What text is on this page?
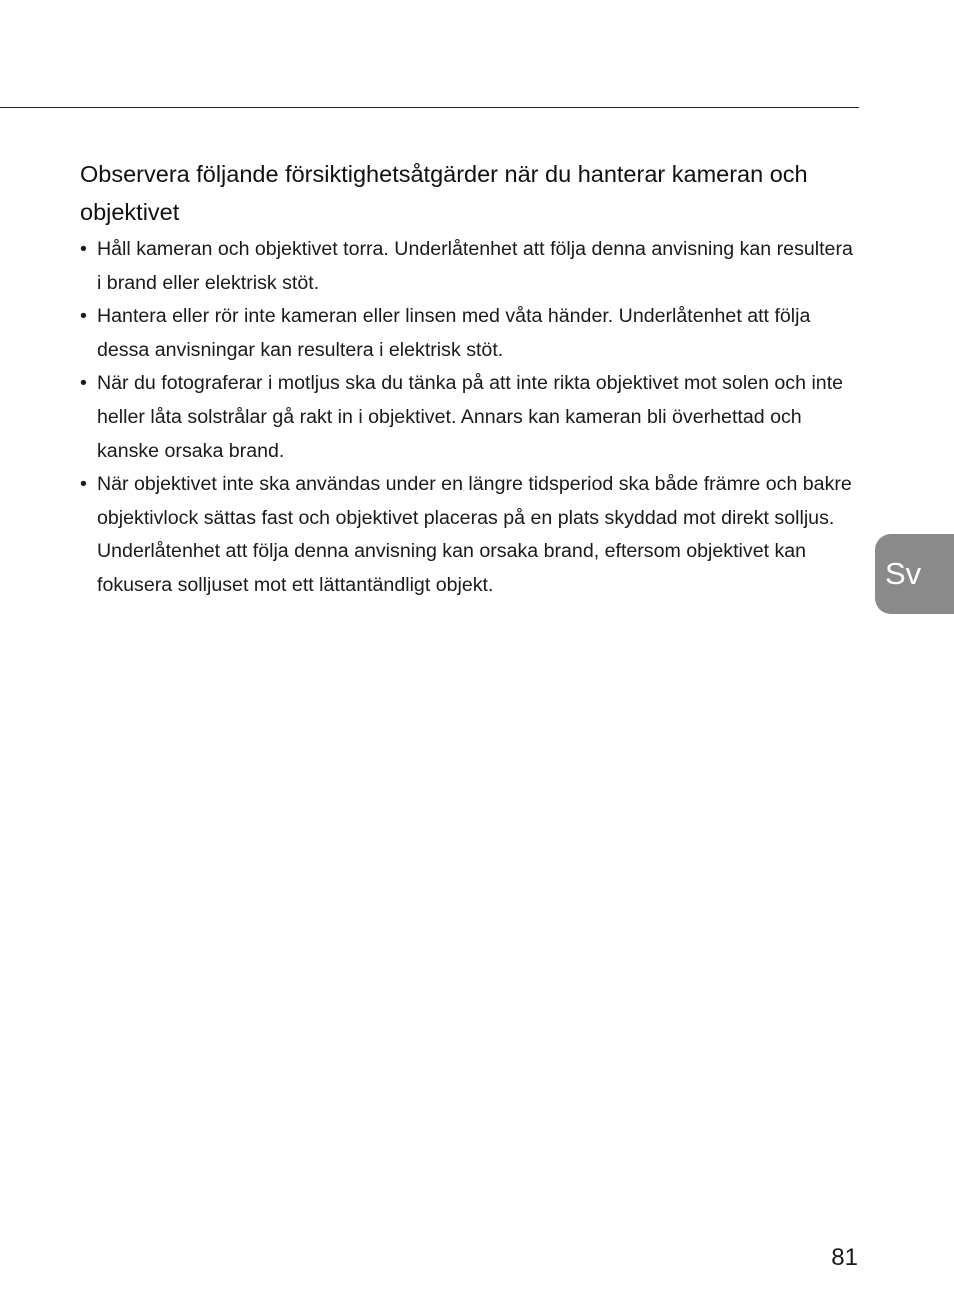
Observera följande försiktighetsåtgärder när du hanterar kameran och objektivet
• Håll kameran och objektivet torra. Underlåtenhet att följa denna anvisning kan resultera i brand eller elektrisk stöt.
• Hantera eller rör inte kameran eller linsen med våta händer. Underlåtenhet att följa dessa anvisningar kan resultera i elektrisk stöt.
• När du fotograferar i motljus ska du tänka på att inte rikta objektivet mot solen och inte heller låta solstrålar gå rakt in i objektivet. Annars kan kameran bli överhettad och kanske orsaka brand.
• När objektivet inte ska användas under en längre tidsperiod ska både främre och bakre objektivlock sättas fast och objektivet placeras på en plats skyddad mot direkt solljus. Underlåtenhet att följa denna anvisning kan orsaka brand, eftersom objektivet kan fokusera solljuset mot ett lättantändligt objekt.	Sv
81
